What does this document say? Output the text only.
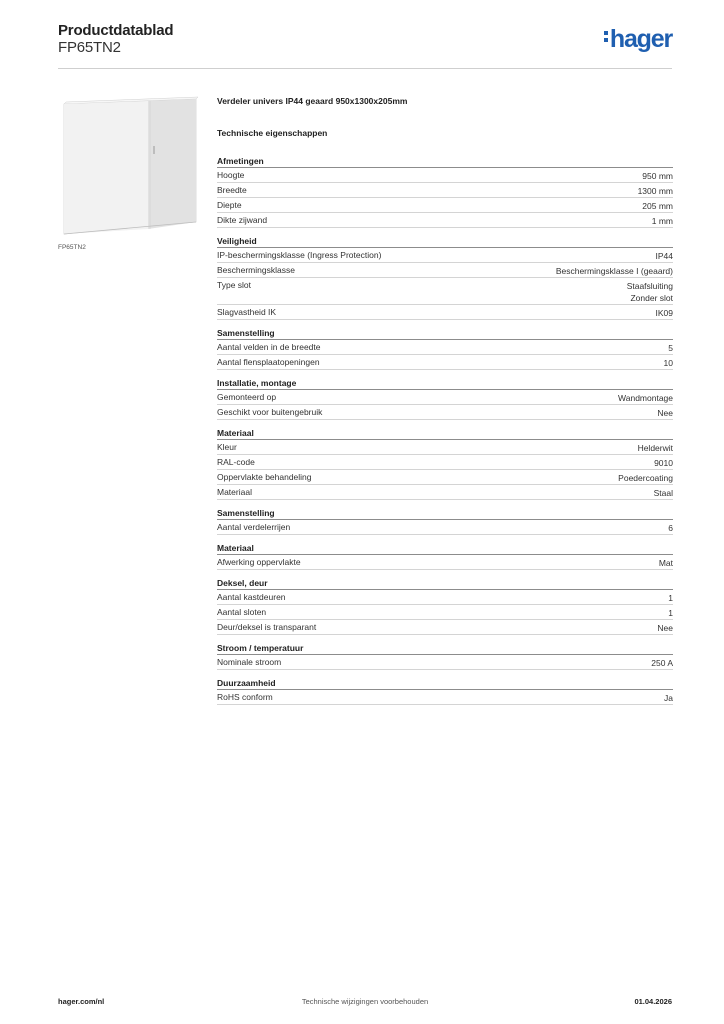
Productdatablad
FP65TN2	hager
FP65TN2
Verdeler univers IP44 geaard 950x1300x205mm
Technische eigenschappen
Afmetingen
Hoogte	950 mm
Breedte	1300 mm
Diepte	205 mm
Dikte zijwand	1 mm
Veiligheid
IP-beschermingsklasse (Ingress Protection)	IP44
Beschermingsklasse	Beschermingsklasse I (geaard)
Type slot	Staafsluiting
Zonder slot
Slagvastheid IK	IK09
Samenstelling
Aantal velden in de breedte	5
Aantal flensplaatopeningen	10
Installatie, montage
Gemonteerd op	Wandmontage
Geschikt voor buitengebruik	Nee
Materiaal
Kleur	Helderwit
RAL-code	9010
Oppervlakte behandeling	Poedercoating
Materiaal	Staal
Samenstelling
Aantal verdelerrijen	6
Materiaal
Afwerking oppervlakte	Mat
Deksel, deur
Aantal kastdeuren	1
Aantal sloten	1
Deur/deksel is transparant	Nee
Stroom / temperatuur
Nominale stroom	250 A
Duurzaamheid
RoHS conform	Ja
hager.com/nl	Technische wijzigingen voorbehouden	01.04.2026
